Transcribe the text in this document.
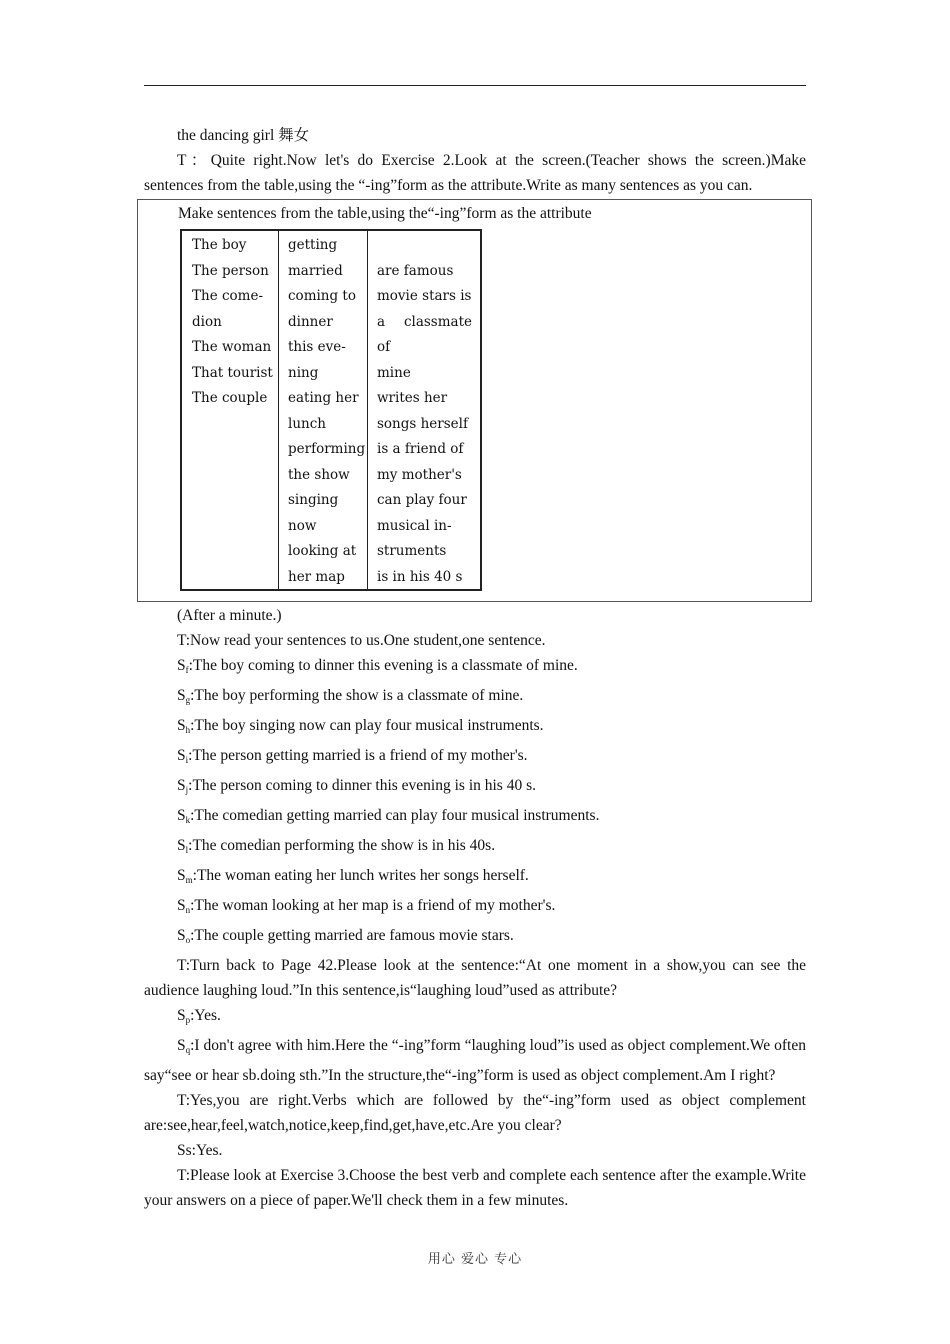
the dancing girl 舞女

T：Quite right.Now let's do Exercise 2.Look at the screen.(Teacher shows the screen.)Make sentences from the table,using the “-ing”form as the attribute.Write as many sentences as you can.

Make sentences from the table,using the“-ing”form as the attribute
The boy
The person
The come-
dion
The woman
That tourist
The couple
getting
married
coming to
dinner
this eve-
ning
eating her
lunch
performing
the show
singing
now
looking at
her map
are famous
movie stars is
a classmate of
mine
writes her
songs herself
is a friend of
my mother's
can play four
musical in-
struments
is in his 40 s

(After a minute.)

T:Now read your sentences to us.One student,one sentence.

$S_f:The$ boy coming to dinner this evening is a classmate of mine.

$S_g:The$ boy performing the show is a classmate of mine.

$S_h:The$ boy singing now can play four musical instruments.

$S_i:The$ person getting married is a friend of my mother's.

$S_j:The$ person coming to dinner this evening is in his 40 s.

$S_k:The$ comedian getting married can play four musical instruments.

$S_l:The$ comedian performing the show is in his 40s.

$S_m:The$ woman eating her lunch writes her songs herself.

$S_n:The$ woman looking at her map is a friend of my mother's.

$S_o:The$ couple getting married are famous movie stars.

T:Turn back to Page 42.Please look at the sentence:“At one moment in a show,you can see the audience laughing loud.”In this sentence,is“laughing loud”used as attribute?

$S_p:Yes$.

$S_q:I$ don't agree with him.Here the “-ing”form “laughing loud”is used as object complement.We often say“see or hear sb.doing sth.”In the structure,the“-ing”form is used as object complement.Am I right?

T:Yes,you are right.Verbs which are followed by the“-ing”form used as object complement are:see,hear,feel,watch,notice,keep,find,get,have,etc.Are you clear?

Ss:Yes.

T:Please look at Exercise 3.Choose the best verb and complete each sentence after the example.Write your answers on a piece of paper.We'll check them in a few minutes.

用心 爱心 专心
